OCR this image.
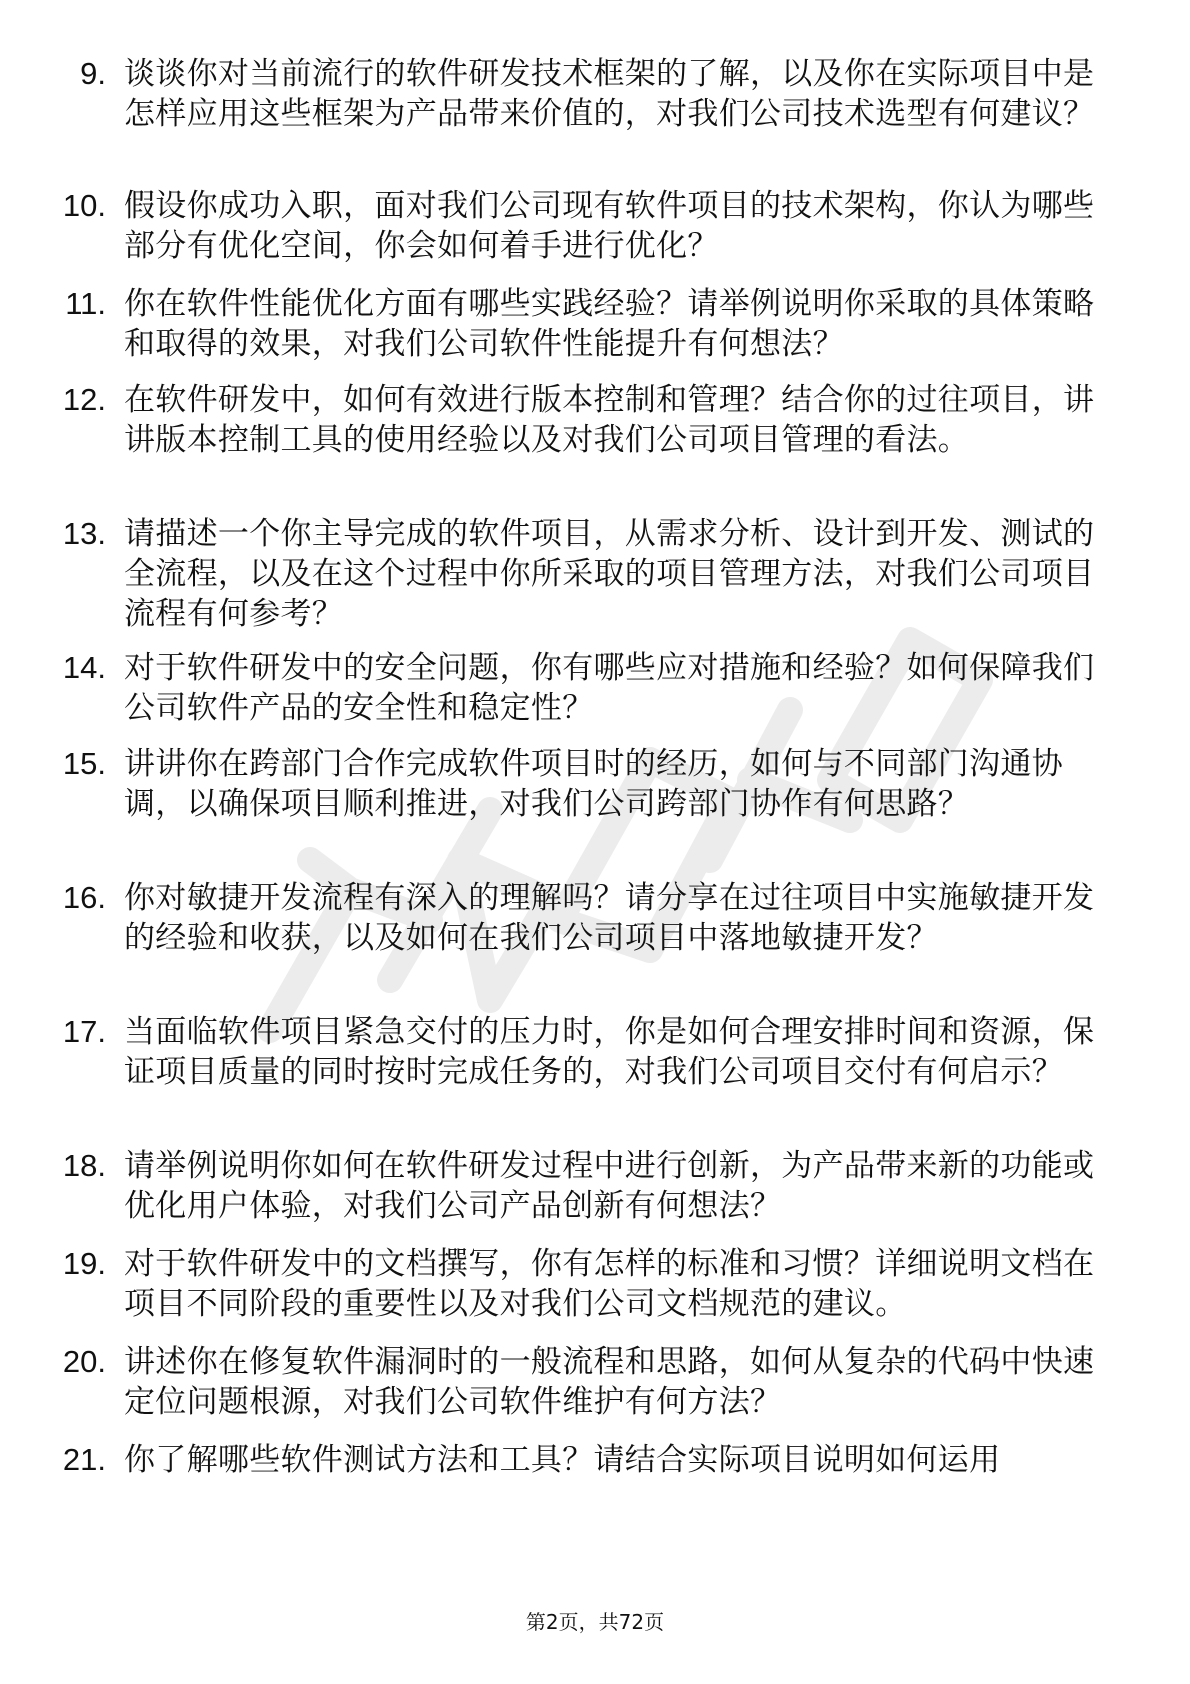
9. 谈谈你对当前流行的软件研发技术框架的了解，以及你在实际项目中是怎样应用这些框架为产品带来价值的，对我们公司技术选型有何建议？
10. 假设你成功入职，面对我们公司现有软件项目的技术架构，你认为哪些部分有优化空间，你会如何着手进行优化？
11. 你在软件性能优化方面有哪些实践经验？请举例说明你采取的具体策略和取得的效果，对我们公司软件性能提升有何想法？
12. 在软件研发中，如何有效进行版本控制和管理？结合你的过往项目，讲讲版本控制工具的使用经验以及对我们公司项目管理的看法。
13. 请描述一个你主导完成的软件项目，从需求分析、设计到开发、测试的全流程，以及在这个过程中你所采取的项目管理方法，对我们公司项目流程有何参考？
14. 对于软件研发中的安全问题，你有哪些应对措施和经验？如何保障我们公司软件产品的安全性和稳定性？
15. 讲讲你在跨部门合作完成软件项目时的经历，如何与不同部门沟通协调，以确保项目顺利推进，对我们公司跨部门协作有何思路？
16. 你对敏捷开发流程有深入的理解吗？请分享在过往项目中实施敏捷开发的经验和收获，以及如何在我们公司项目中落地敏捷开发？
17. 当面临软件项目紧急交付的压力时，你是如何合理安排时间和资源，保证项目质量的同时按时完成任务的，对我们公司项目交付有何启示？
18. 请举例说明你如何在软件研发过程中进行创新，为产品带来新的功能或优化用户体验，对我们公司产品创新有何想法？
19. 对于软件研发中的文档撰写，你有怎样的标准和习惯？详细说明文档在项目不同阶段的重要性以及对我们公司文档规范的建议。
20. 讲述你在修复软件漏洞时的一般流程和思路，如何从复杂的代码中快速定位问题根源，对我们公司软件维护有何方法？
21. 你了解哪些软件测试方法和工具？请结合实际项目说明如何运用
第2页，共72页
